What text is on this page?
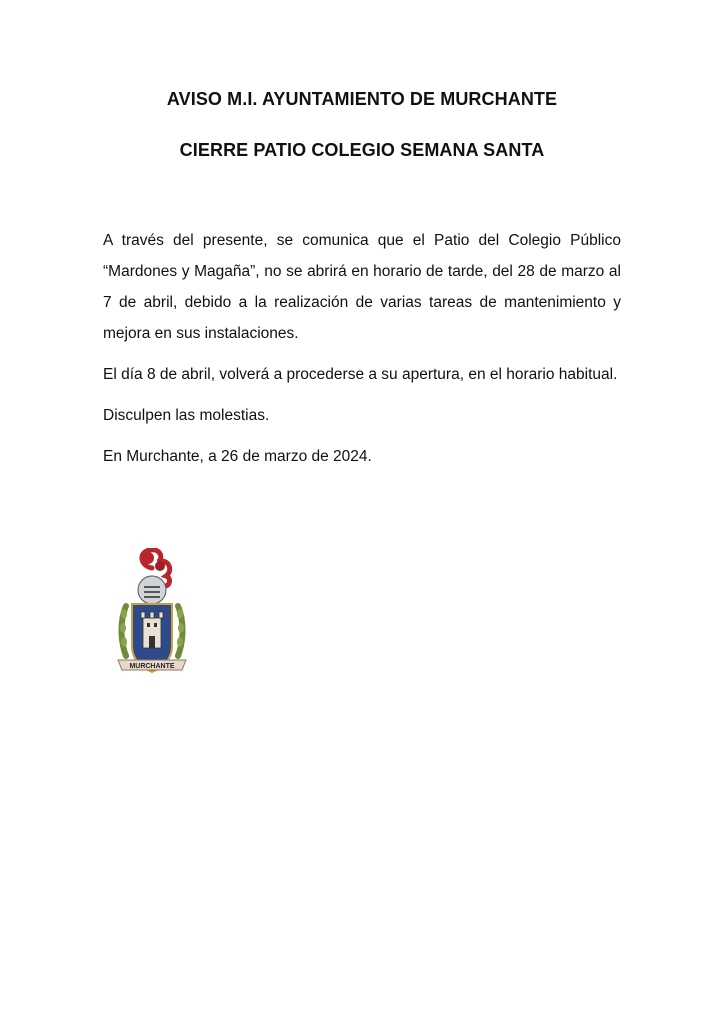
AVISO M.I. AYUNTAMIENTO DE MURCHANTE
CIERRE PATIO COLEGIO SEMANA SANTA

A través del presente, se comunica que el Patio del Colegio Público “Mardones y Magaña”, no se abrirá en horario de tarde, del 28 de marzo al 7 de abril, debido a la realización de varias tareas de mantenimiento y mejora en sus instalaciones.

El día 8 de abril, volverá a procederse a su apertura, en el horario habitual.

Disculpen las molestias.

En Murchante, a 26 de marzo de 2024.

MURCHANTE
